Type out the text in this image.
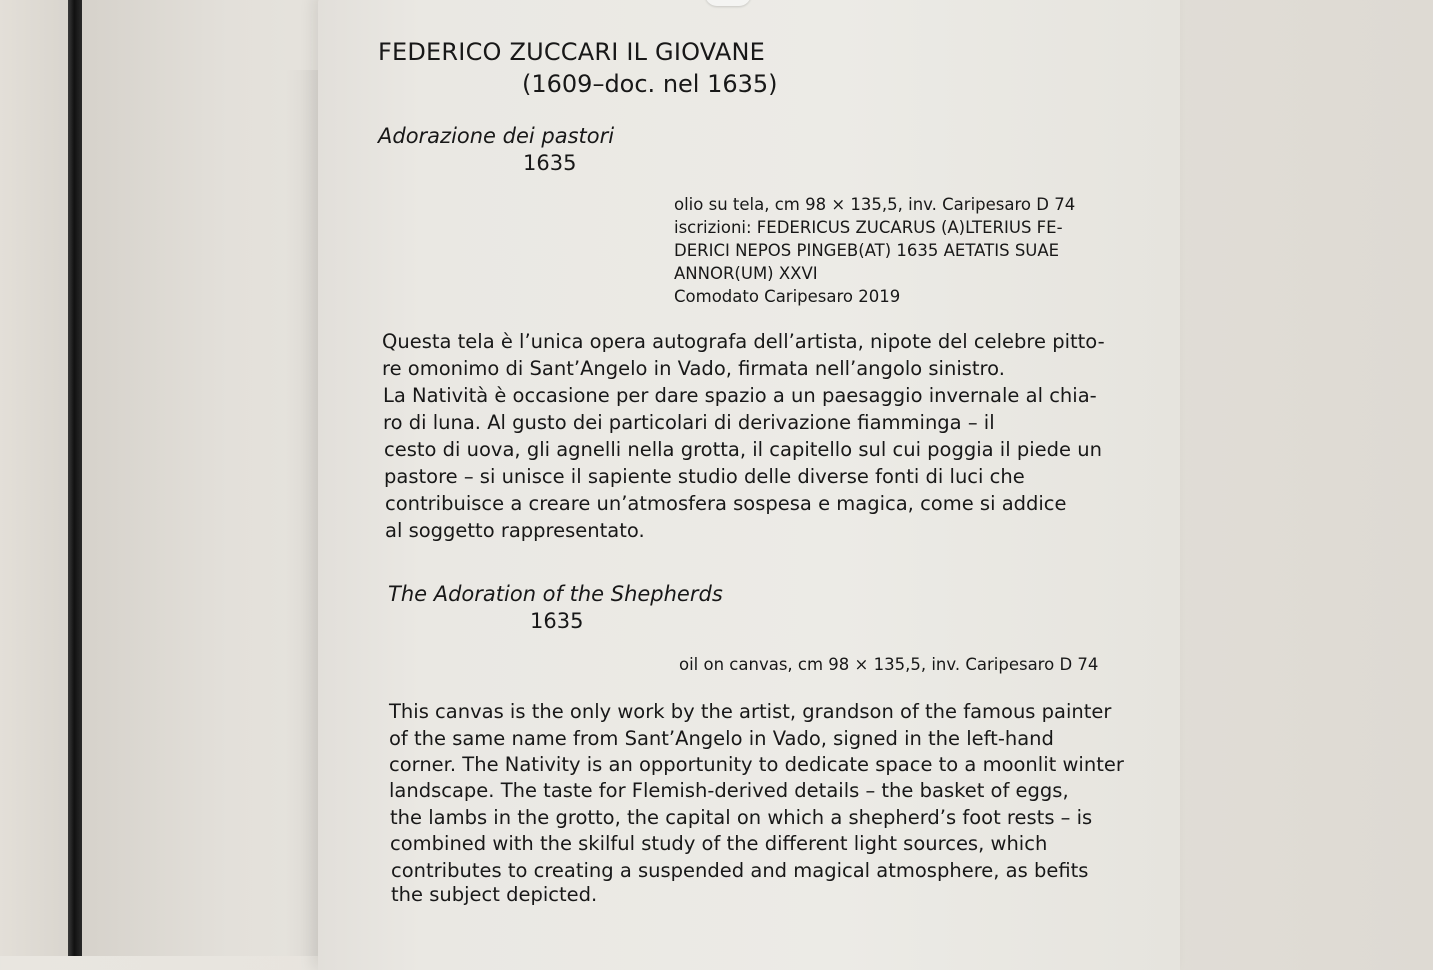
FEDERICO ZUCCARI IL GIOVANE
(1609–doc. nel 1635)
Adorazione dei pastori
1635
olio su tela, cm 98 × 135,5, inv. Caripesaro D 74
iscrizioni: FEDERICUS ZUCARUS (A)LTERIUS FE-
DERICI NEPOS PINGEB(AT) 1635 AETATIS SUAE
ANNOR(UM) XXVI
Comodato Caripesaro 2019
Questa tela è l’unica opera autografa dell’artista, nipote del celebre pitto-
re omonimo di Sant’Angelo in Vado, firmata nell’angolo sinistro.
La Natività è occasione per dare spazio a un paesaggio invernale al chia-
ro di luna. Al gusto dei particolari di derivazione fiamminga – il
cesto di uova, gli agnelli nella grotta, il capitello sul cui poggia il piede un
pastore – si unisce il sapiente studio delle diverse fonti di luci che
contribuisce a creare un’atmosfera sospesa e magica, come si addice
al soggetto rappresentato.
The Adoration of the Shepherds
1635
oil on canvas, cm 98 × 135,5, inv. Caripesaro D 74
This canvas is the only work by the artist, grandson of the famous painter
of the same name from Sant’Angelo in Vado, signed in the left-hand
corner. The Nativity is an opportunity to dedicate space to a moonlit winter
landscape. The taste for Flemish-derived details – the basket of eggs,
the lambs in the grotto, the capital on which a shepherd’s foot rests – is
combined with the skilful study of the different light sources, which
contributes to creating a suspended and magical atmosphere, as befits
the subject depicted.
